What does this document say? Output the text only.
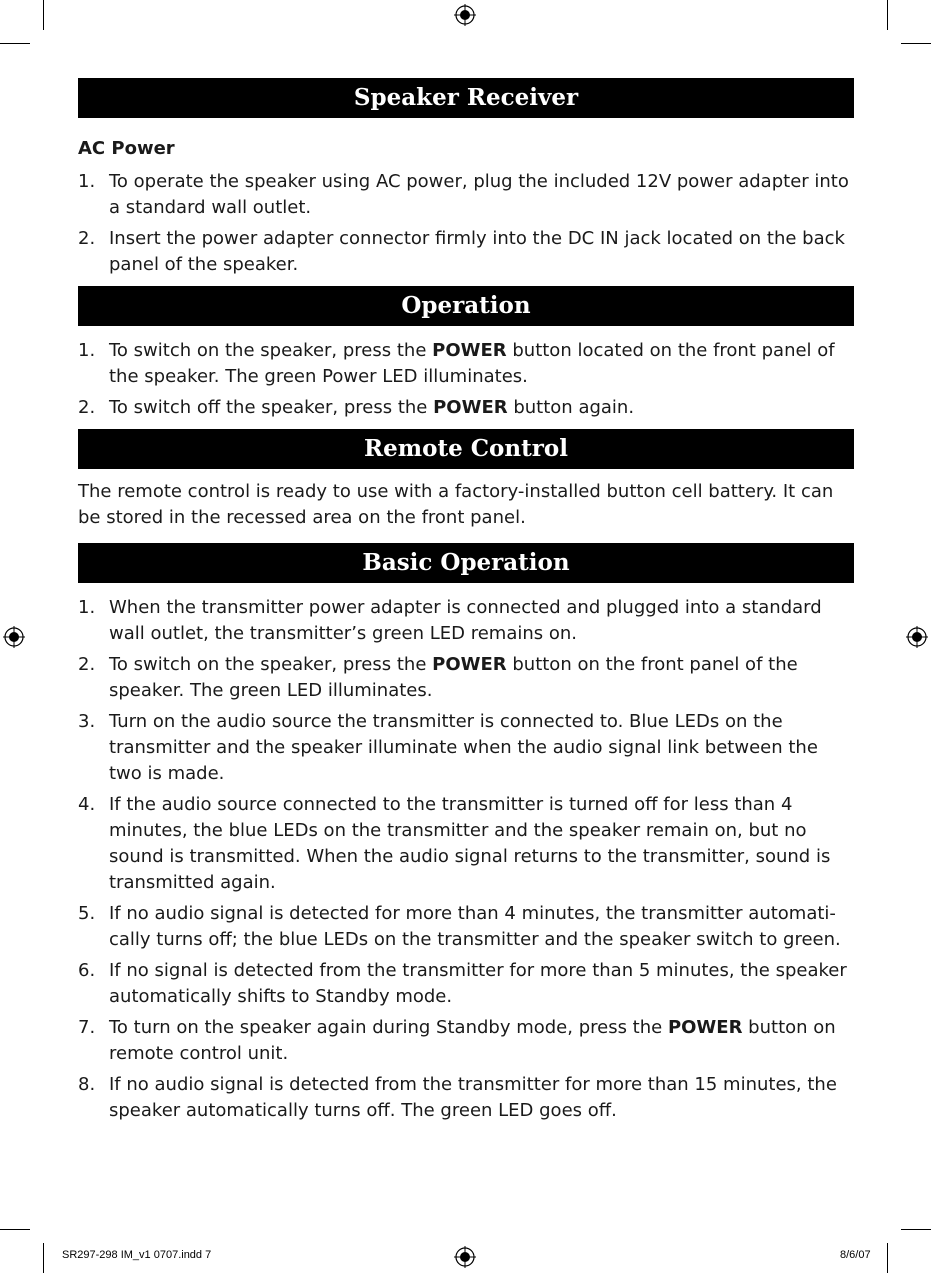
Speaker Receiver
AC Power
1. To operate the speaker using AC power, plug the included 12V power adapter into a standard wall outlet.
2. Insert the power adapter connector firmly into the DC IN jack located on the back panel of the speaker.
Operation
1. To switch on the speaker, press the POWER button located on the front panel of the speaker. The green Power LED illuminates.
2. To switch off the speaker, press the POWER button again.
Remote Control
The remote control is ready to use with a factory-installed button cell battery. It can be stored in the recessed area on the front panel.
Basic Operation
1. When the transmitter power adapter is connected and plugged into a standard wall outlet, the transmitter’s green LED remains on.
2. To switch on the speaker, press the POWER button on the front panel of the speaker. The green LED illuminates.
3. Turn on the audio source the transmitter is connected to. Blue LEDs on the transmitter and the speaker illuminate when the audio signal link between the two is made.
4. If the audio source connected to the transmitter is turned off for less than 4 minutes, the blue LEDs on the transmitter and the speaker remain on, but no sound is transmitted. When the audio signal returns to the transmitter, sound is transmitted again.
5. If no audio signal is detected for more than 4 minutes, the transmitter automati-cally turns off; the blue LEDs on the transmitter and the speaker switch to green.
6. If no signal is detected from the transmitter for more than 5 minutes, the speaker automatically shifts to Standby mode.
7. To turn on the speaker again during Standby mode, press the POWER button on remote control unit.
8. If no audio signal is detected from the transmitter for more than 15 minutes, the speaker automatically turns off. The green LED goes off.
SR297-298 IM_v1 0707.indd 7	8/6/07
